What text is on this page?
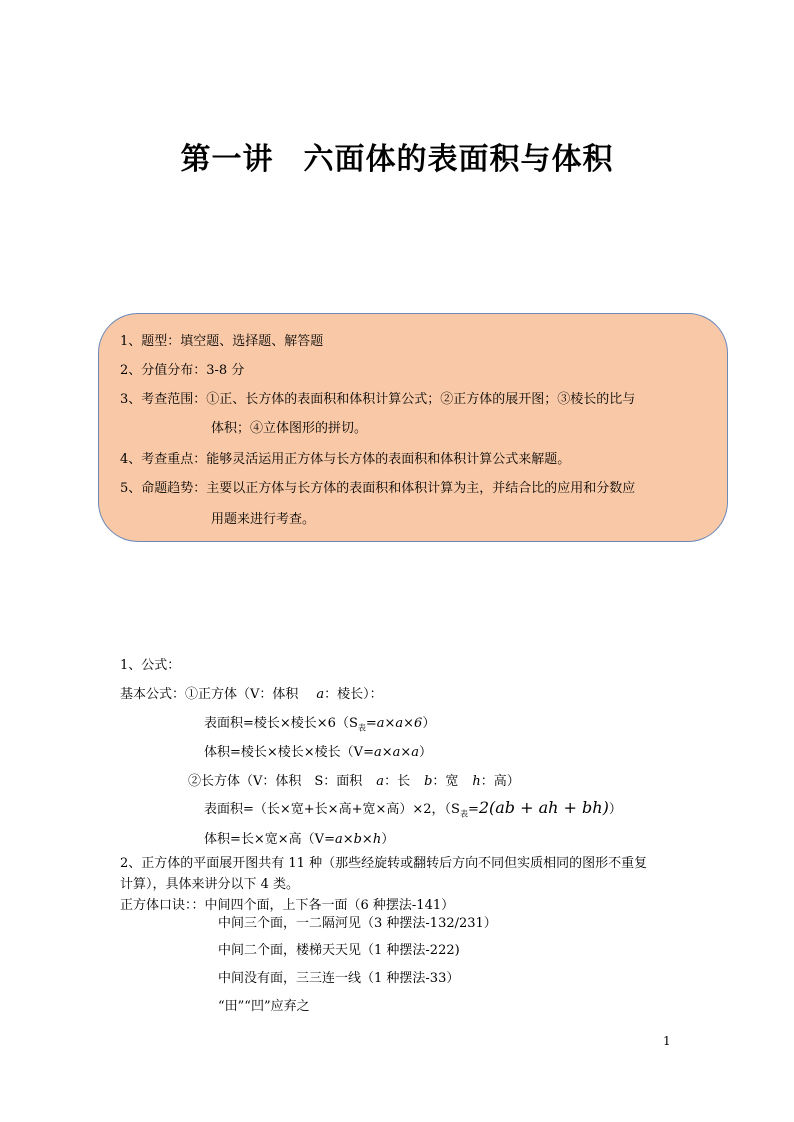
第一讲 六面体的表面积与体积
1、题型：填空题、选择题、解答题
2、分值分布：3-8 分
3、考查范围：①正、长方体的表面积和体积计算公式；②正方体的展开图；③棱长的比与
体积；④立体图形的拼切。
4、考查重点：能够灵活运用正方体与长方体的表面积和体积计算公式来解题。
5、命题趋势：主要以正方体与长方体的表面积和体积计算为主，并结合比的应用和分数应
用题来进行考查。
1、公式：
基本公式：①正方体（V：体积 a：棱长）：
表面积=棱长×棱长$\times 6(S_表=a\times a\times 6)$
体积=棱长×棱长×棱长（V=a×a×a）
②长方体（V：体积　S：面积 a：长 b：宽 h：高）
表面积=（长×宽+长×高+宽×高）×2，（$S_表=2(ab$ + ah + bh)）
体积=长×宽×高（V=a×b×h）
2、正方体的平面展开图共有 11 种（那些经旋转或翻转后方向不同但实质相同的图形不重复
计算），具体来讲分以下 4 类。
正方体口诀：：中间四个面，上下各一面（6 种摆法-141）
中间三个面，一二隔河见（3 种摆法-132/231）
中间二个面，楼梯天天见（1 种摆法-222)
中间没有面，三三连一线（1 种摆法-33）
“田”“凹”应弃之
1
